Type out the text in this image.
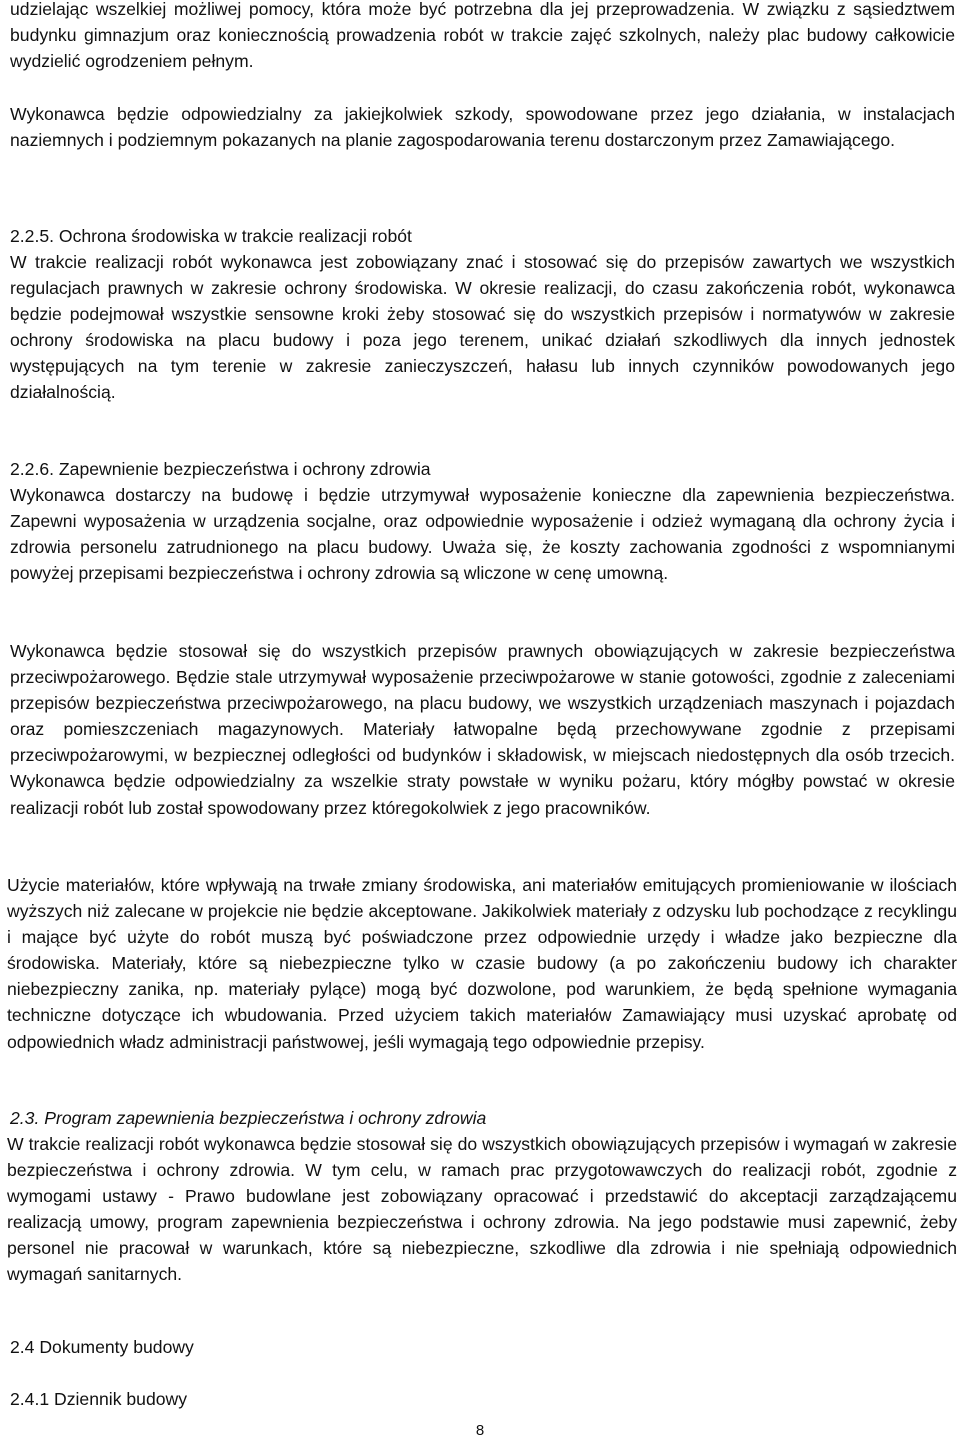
udzielając wszelkiej możliwej pomocy, która może być potrzebna dla jej przeprowadzenia. W związku z sąsiedztwem budynku gimnazjum oraz koniecznością prowadzenia robót w trakcie zajęć szkolnych, należy plac budowy całkowicie wydzielić ogrodzeniem pełnym.

Wykonawca będzie odpowiedzialny za jakiejkolwiek szkody, spowodowane przez jego działania, w instalacjach naziemnych i podziemnym pokazanych na planie zagospodarowania terenu dostarczonym przez Zamawiającego.

2.2.5. Ochrona środowiska w trakcie realizacji robót

W trakcie realizacji robót wykonawca jest zobowiązany znać i stosować się do przepisów zawartych we wszystkich regulacjach prawnych w zakresie ochrony środowiska. W okresie realizacji, do czasu zakończenia robót, wykonawca będzie podejmował wszystkie sensowne kroki żeby stosować się do wszystkich przepisów i normatywów w zakresie ochrony środowiska na placu budowy i poza jego terenem, unikać działań szkodliwych dla innych jednostek występujących na tym terenie w zakresie zanieczyszczeń, hałasu lub innych czynników powodowanych jego działalnością.

2.2.6. Zapewnienie bezpieczeństwa i ochrony zdrowia

Wykonawca dostarczy na budowę i będzie utrzymywał wyposażenie konieczne dla zapewnienia bezpieczeństwa. Zapewni wyposażenia w urządzenia socjalne, oraz odpowiednie wyposażenie i odzież wymaganą dla ochrony życia i zdrowia personelu zatrudnionego na placu budowy. Uważa się, że koszty zachowania zgodności z wspomnianymi powyżej przepisami bezpieczeństwa i ochrony zdrowia są wliczone w cenę umowną.

Wykonawca będzie stosował się do wszystkich przepisów prawnych obowiązujących w zakresie bezpieczeństwa przeciwpożarowego. Będzie stale utrzymywał wyposażenie przeciwpożarowe w stanie gotowości, zgodnie z zaleceniami przepisów bezpieczeństwa przeciwpożarowego, na placu budowy, we wszystkich urządzeniach maszynach i pojazdach oraz pomieszczeniach magazynowych. Materiały łatwopalne będą przechowywane zgodnie z przepisami przeciwpożarowymi, w bezpiecznej odległości od budynków i składowisk, w miejscach niedostępnych dla osób trzecich. Wykonawca będzie odpowiedzialny za wszelkie straty powstałe w wyniku pożaru, który mógłby powstać w okresie realizacji robót lub został spowodowany przez któregokolwiek z jego pracowników.

Użycie materiałów, które wpływają na trwałe zmiany środowiska, ani materiałów emitujących promieniowanie w ilościach wyższych niż zalecane w projekcie nie będzie akceptowane. Jakikolwiek materiały z odzysku lub pochodzące z recyklingu i mające być użyte do robót muszą być poświadczone przez odpowiednie urzędy i władze jako bezpieczne dla środowiska. Materiały, które są niebezpieczne tylko w czasie budowy (a po zakończeniu budowy ich charakter niebezpieczny zanika, np. materiały pylące) mogą być dozwolone, pod warunkiem, że będą spełnione wymagania techniczne dotyczące ich wbudowania. Przed użyciem takich materiałów Zamawiający musi uzyskać aprobatę od odpowiednich władz administracji państwowej, jeśli wymagają tego odpowiednie przepisy.

2.3. Program zapewnienia bezpieczeństwa i ochrony zdrowia

W trakcie realizacji robót wykonawca będzie stosował się do wszystkich obowiązujących przepisów i wymagań w zakresie bezpieczeństwa i ochrony zdrowia. W tym celu, w ramach prac przygotowawczych do realizacji robót, zgodnie z wymogami ustawy - Prawo budowlane jest zobowiązany opracować i przedstawić do akceptacji zarządzającemu realizacją umowy, program zapewnienia bezpieczeństwa i ochrony zdrowia. Na jego podstawie musi zapewnić, żeby personel nie pracował w warunkach, które są niebezpieczne, szkodliwe dla zdrowia i nie spełniają odpowiednich wymagań sanitarnych.

2.4 Dokumenty budowy

2.4.1 Dziennik budowy

8
